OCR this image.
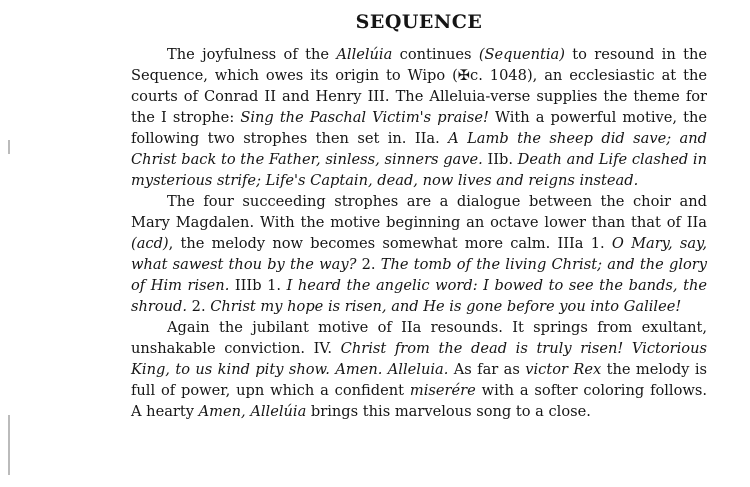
SEQUENCE

The joyfulness of the Allelúia continues (Sequentia) to resound in the Sequence, which owes its origin to Wipo (✠c. 1048), an ecclesiastic at the courts of Conrad II and Henry III. The Alleluia-verse supplies the theme for the I strophe: Sing the Paschal Victim's praise! With a powerful motive, the following two strophes then set in. IIa. A Lamb the sheep did save; and Christ back to the Father, sinless, sinners gave. IIb. Death and Life clashed in mysterious strife; Life's Captain, dead, now lives and reigns instead.

The four succeeding strophes are a dialogue between the choir and Mary Magdalen. With the motive beginning an octave lower than that of IIa (acd), the melody now becomes somewhat more calm. IIIa 1. O Mary, say, what sawest thou by the way? 2. The tomb of the living Christ; and the glory of Him risen. IIIb 1. I heard the angelic word: I bowed to see the bands, the shroud. 2. Christ my hope is risen, and He is gone before you into Galilee!

Again the jubilant motive of IIa resounds. It springs from exultant, unshakable conviction. IV. Christ from the dead is truly risen! Victorious King, to us kind pity show. Amen. Alleluia. As far as victor Rex the melody is full of power, upn which a confident miserére with a softer coloring follows. A hearty Amen, Allelúia brings this marvelous song to a close.
